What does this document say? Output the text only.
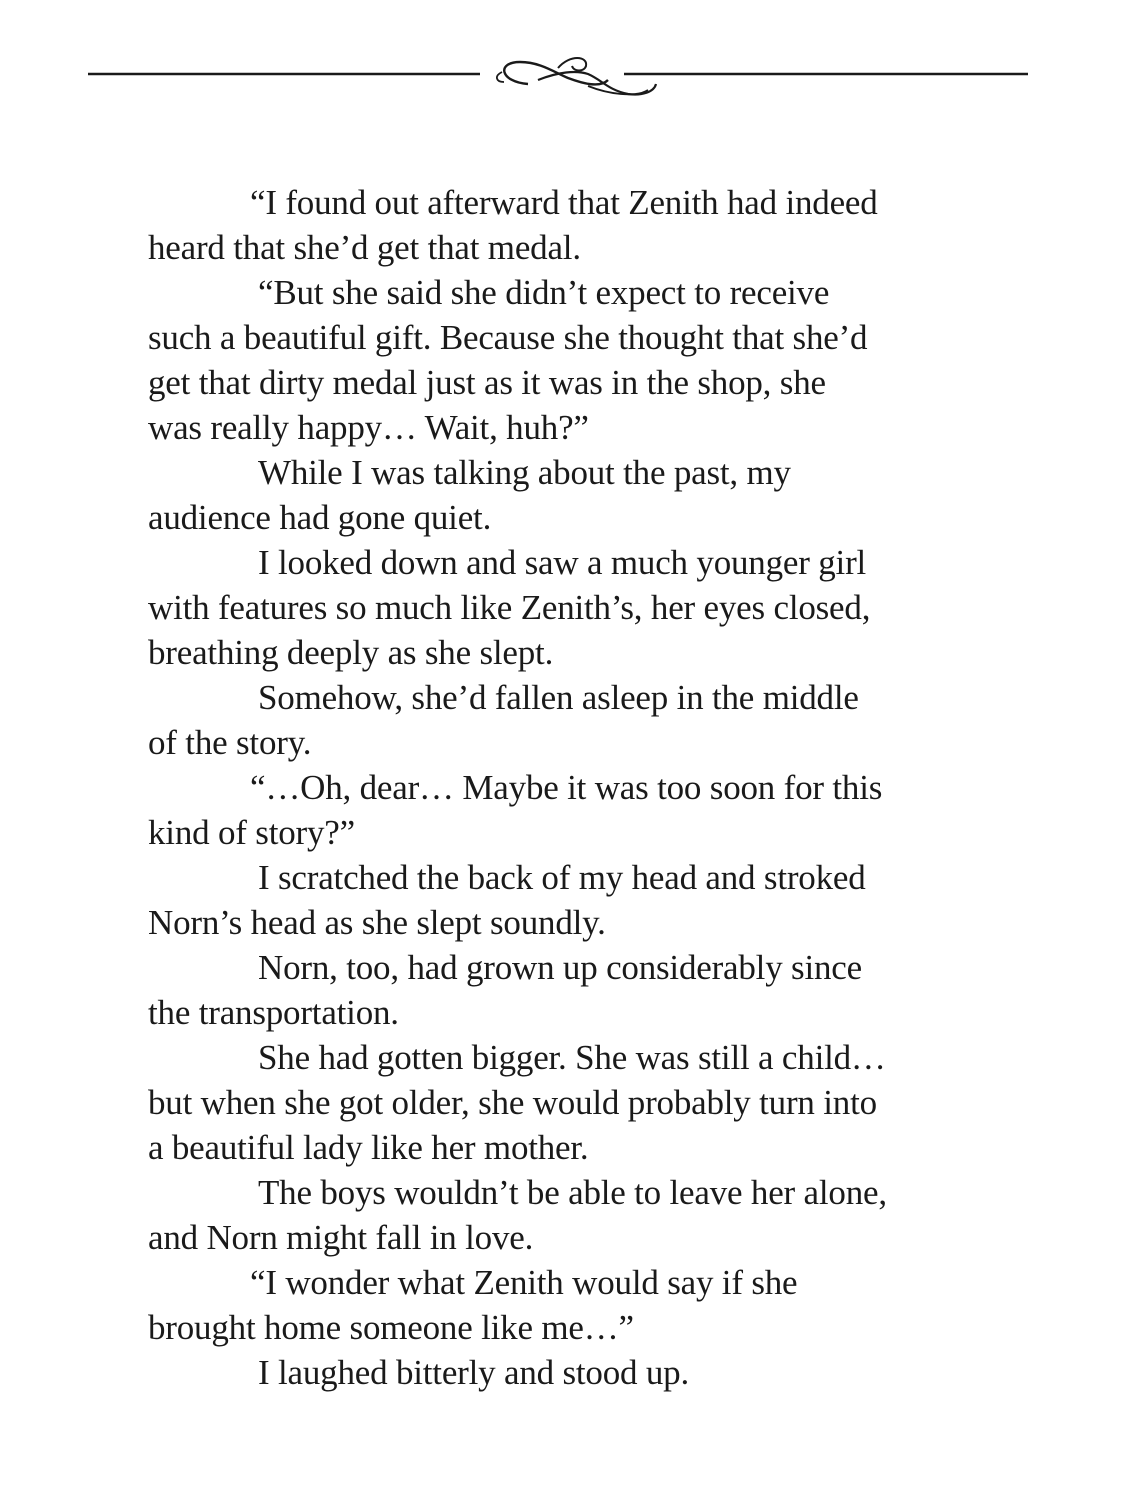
“I found out afterward that Zenith had indeed
heard that she’d get that medal.

“But she said she didn’t expect to receive
such a beautiful gift. Because she thought that she’d
get that dirty medal just as it was in the shop, she
was really happy… Wait, huh?”

While I was talking about the past, my
audience had gone quiet.

I looked down and saw a much younger girl
with features so much like Zenith’s, her eyes closed,
breathing deeply as she slept.

Somehow, she’d fallen asleep in the middle
of the story.

“…Oh, dear… Maybe it was too soon for this
kind of story?”

I scratched the back of my head and stroked
Norn’s head as she slept soundly.

Norn, too, had grown up considerably since
the transportation.

She had gotten bigger. She was still a child…
but when she got older, she would probably turn into
a beautiful lady like her mother.

The boys wouldn’t be able to leave her alone,
and Norn might fall in love.

“I wonder what Zenith would say if she
brought home someone like me…”

I laughed bitterly and stood up.
